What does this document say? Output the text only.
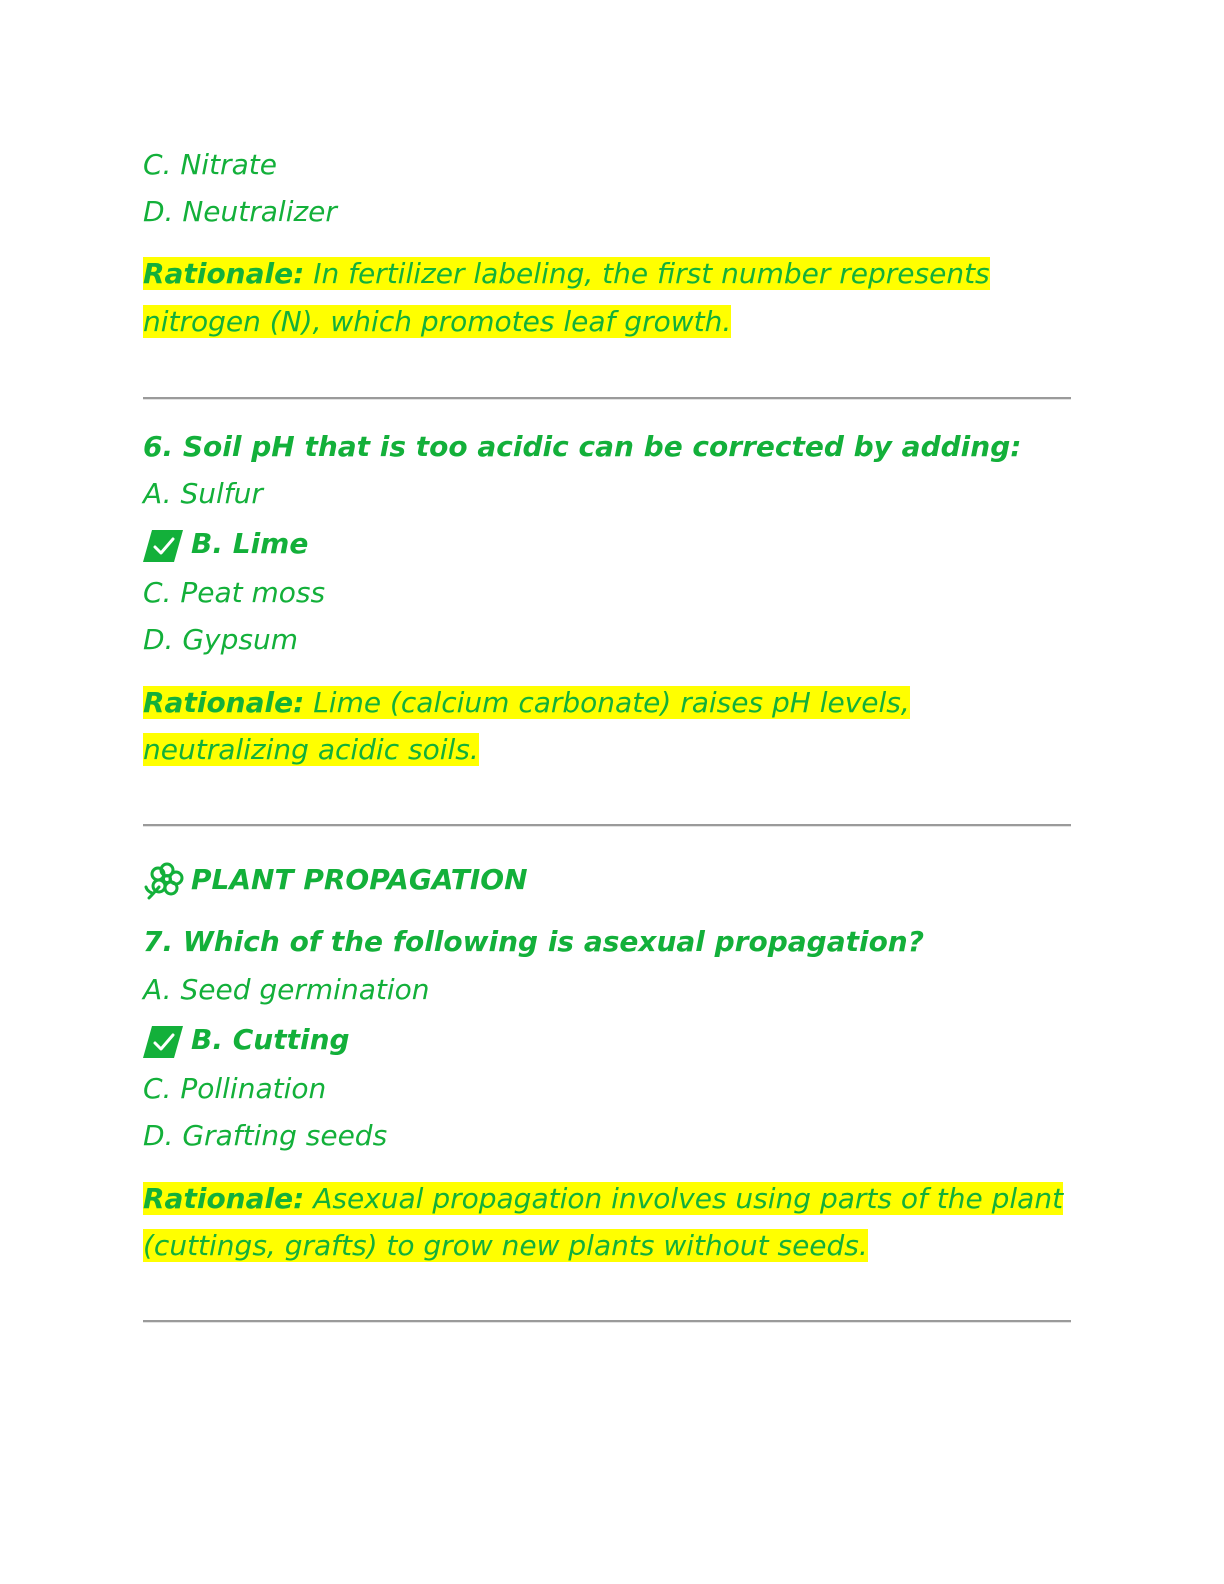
C. Nitrate
D. Neutralizer
Rationale: In fertilizer labeling, the first number represents
nitrogen (N), which promotes leaf growth.
6. Soil pH that is too acidic can be corrected by adding:
A. Sulfur
B. Lime
C. Peat moss
D. Gypsum
Rationale: Lime (calcium carbonate) raises pH levels,
neutralizing acidic soils.
PLANT PROPAGATION
7. Which of the following is asexual propagation?
A. Seed germination
B. Cutting
C. Pollination
D. Grafting seeds
Rationale: Asexual propagation involves using parts of the plant
(cuttings, grafts) to grow new plants without seeds.
